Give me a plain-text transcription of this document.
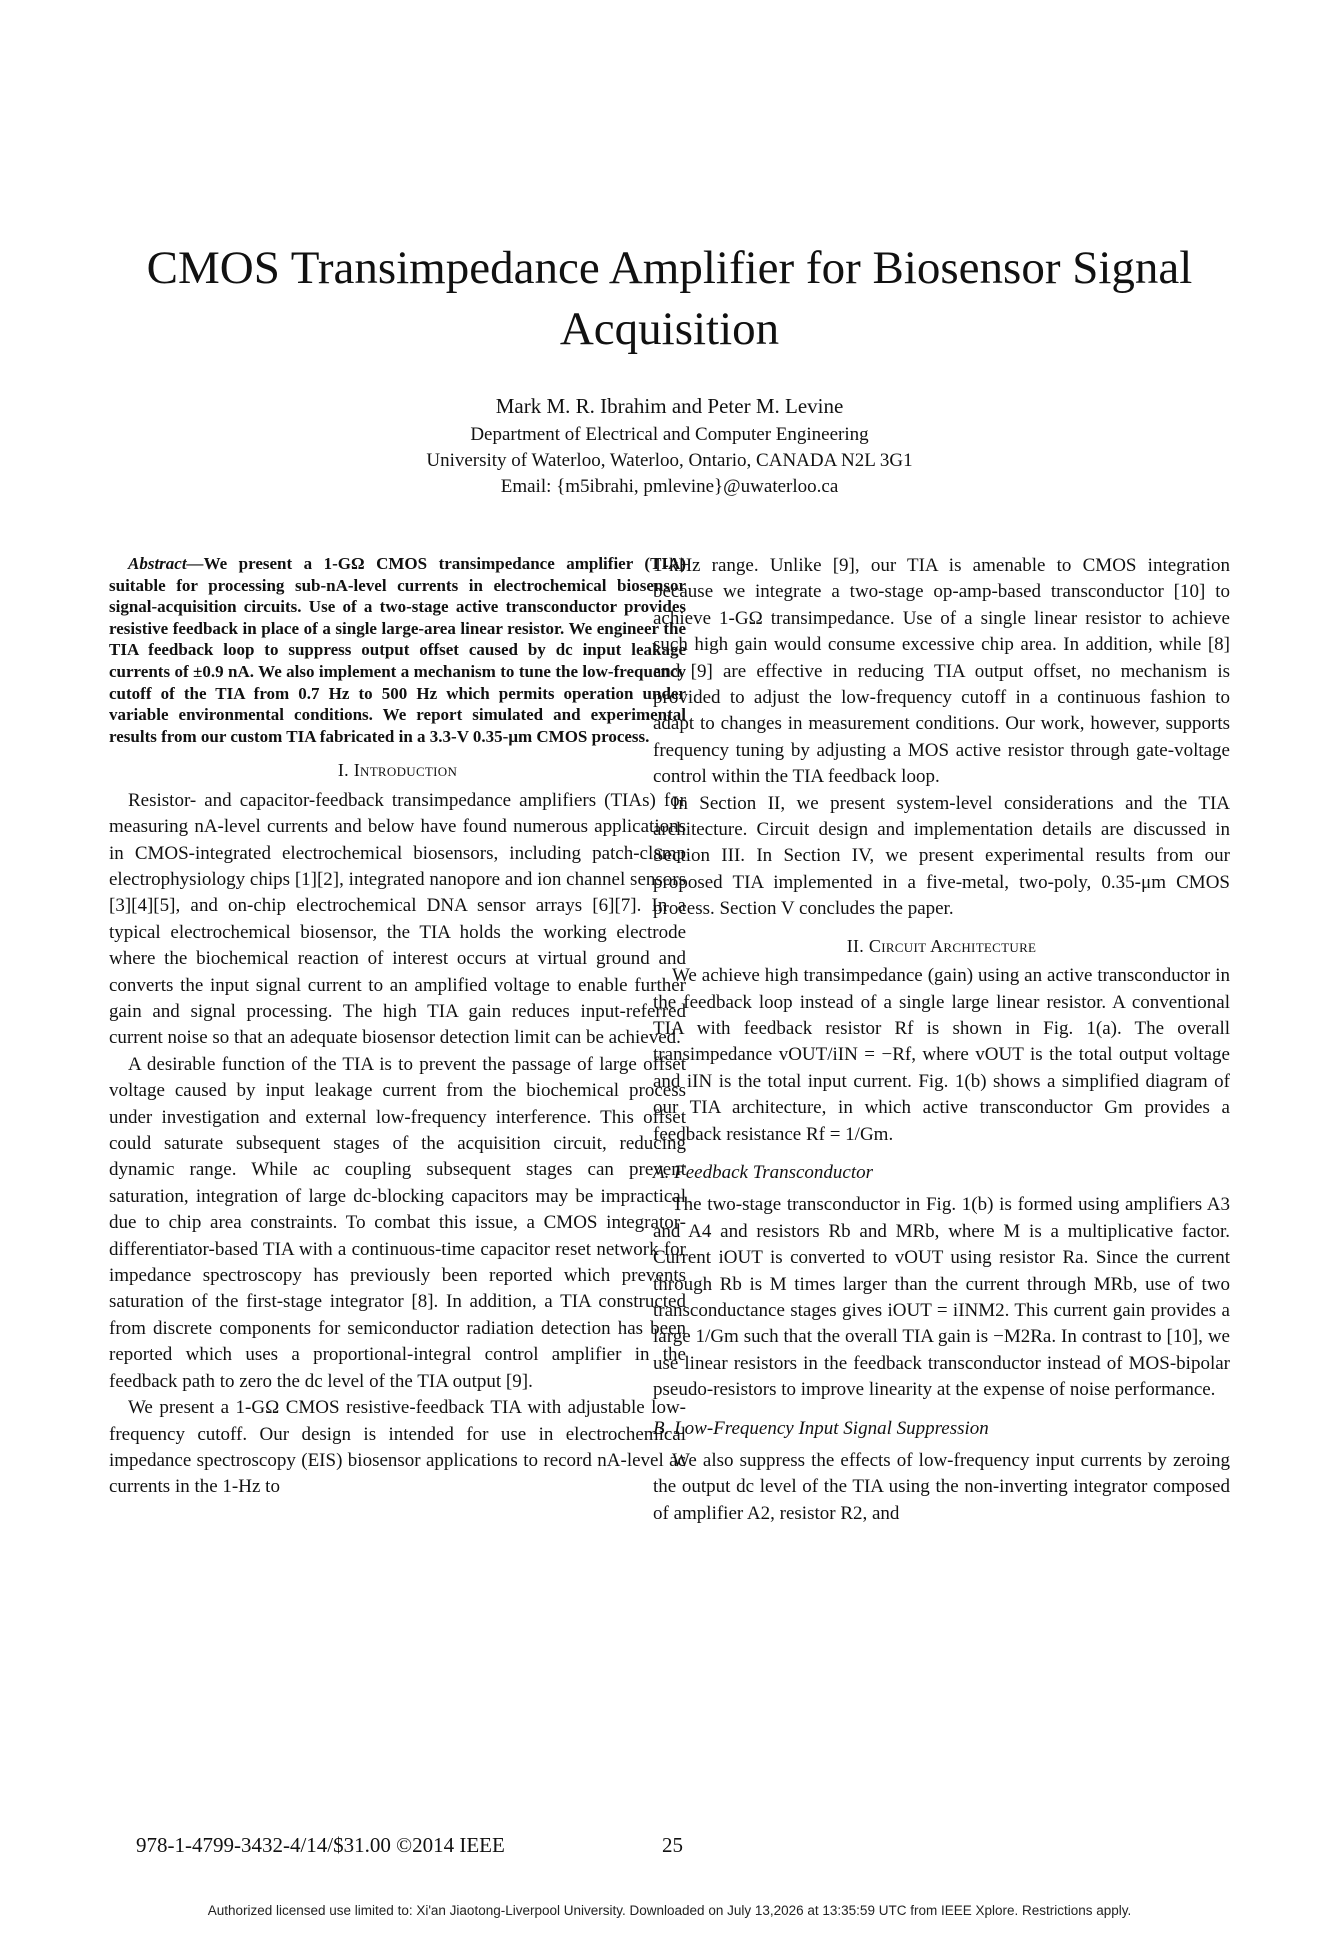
CMOS Transimpedance Amplifier for Biosensor Signal Acquisition
Mark M. R. Ibrahim and Peter M. Levine
Department of Electrical and Computer Engineering
University of Waterloo, Waterloo, Ontario, CANADA N2L 3G1
Email: {m5ibrahi, pmlevine}@uwaterloo.ca

Abstract—We present a 1-GΩ CMOS transimpedance amplifier (TIA) suitable for processing sub-nA-level currents in electrochemical biosensor signal-acquisition circuits. Use of a two-stage active transconductor provides resistive feedback in place of a single large-area linear resistor. We engineer the TIA feedback loop to suppress output offset caused by dc input leakage currents of ±0.9 nA. We also implement a mechanism to tune the low-frequency cutoff of the TIA from 0.7 Hz to 500 Hz which permits operation under variable environmental conditions. We report simulated and experimental results from our custom TIA fabricated in a 3.3-V 0.35-μm CMOS process.

I. Introduction

Resistor- and capacitor-feedback transimpedance amplifiers (TIAs) for measuring nA-level currents and below have found numerous applications in CMOS-integrated electrochemical biosensors, including patch-clamp electrophysiology chips [1][2], integrated nanopore and ion channel sensors [3][4][5], and on-chip electrochemical DNA sensor arrays [6][7]. In a typical electrochemical biosensor, the TIA holds the working electrode where the biochemical reaction of interest occurs at virtual ground and converts the input signal current to an amplified voltage to enable further gain and signal processing. The high TIA gain reduces input-referred current noise so that an adequate biosensor detection limit can be achieved.

A desirable function of the TIA is to prevent the passage of large offset voltage caused by input leakage current from the biochemical process under investigation and external low-frequency interference. This offset could saturate subsequent stages of the acquisition circuit, reducing dynamic range. While ac coupling subsequent stages can prevent saturation, integration of large dc-blocking capacitors may be impractical due to chip area constraints. To combat this issue, a CMOS integrator-differentiator-based TIA with a continuous-time capacitor reset network for impedance spectroscopy has previously been reported which prevents saturation of the first-stage integrator [8]. In addition, a TIA constructed from discrete components for semiconductor radiation detection has been reported which uses a proportional-integral control amplifier in the feedback path to zero the dc level of the TIA output [9].

We present a 1-GΩ CMOS resistive-feedback TIA with adjustable low-frequency cutoff. Our design is intended for use in electrochemical impedance spectroscopy (EIS) biosensor applications to record nA-level ac currents in the 1-Hz to

1-kHz range. Unlike [9], our TIA is amenable to CMOS integration because we integrate a two-stage op-amp-based transconductor [10] to achieve 1-GΩ transimpedance. Use of a single linear resistor to achieve such high gain would consume excessive chip area. In addition, while [8] and [9] are effective in reducing TIA output offset, no mechanism is provided to adjust the low-frequency cutoff in a continuous fashion to adapt to changes in measurement conditions. Our work, however, supports frequency tuning by adjusting a MOS active resistor through gate-voltage control within the TIA feedback loop.

In Section II, we present system-level considerations and the TIA architecture. Circuit design and implementation details are discussed in Section III. In Section IV, we present experimental results from our proposed TIA implemented in a five-metal, two-poly, 0.35-μm CMOS process. Section V concludes the paper.

II. Circuit Architecture

We achieve high transimpedance (gain) using an active transconductor in the feedback loop instead of a single large linear resistor. A conventional TIA with feedback resistor Rf is shown in Fig. 1(a). The overall transimpedance vOUT/iIN = −Rf, where vOUT is the total output voltage and iIN is the total input current. Fig. 1(b) shows a simplified diagram of our TIA architecture, in which active transconductor Gm provides a feedback resistance Rf = 1/Gm.

A. Feedback Transconductor

The two-stage transconductor in Fig. 1(b) is formed using amplifiers A3 and A4 and resistors Rb and MRb, where M is a multiplicative factor. Current iOUT is converted to vOUT using resistor Ra. Since the current through Rb is M times larger than the current through MRb, use of two transconductance stages gives iOUT = iINM2. This current gain provides a large 1/Gm such that the overall TIA gain is −M2Ra. In contrast to [10], we use linear resistors in the feedback transconductor instead of MOS-bipolar pseudo-resistors to improve linearity at the expense of noise performance.

B. Low-Frequency Input Signal Suppression

We also suppress the effects of low-frequency input currents by zeroing the output dc level of the TIA using the non-inverting integrator composed of amplifier A2, resistor R2, and

978-1-4799-3432-4/14/$31.00 ©2014 IEEE	25
Authorized licensed use limited to: Xi'an Jiaotong-Liverpool University. Downloaded on July 13,2026 at 13:35:59 UTC from IEEE Xplore. Restrictions apply.
